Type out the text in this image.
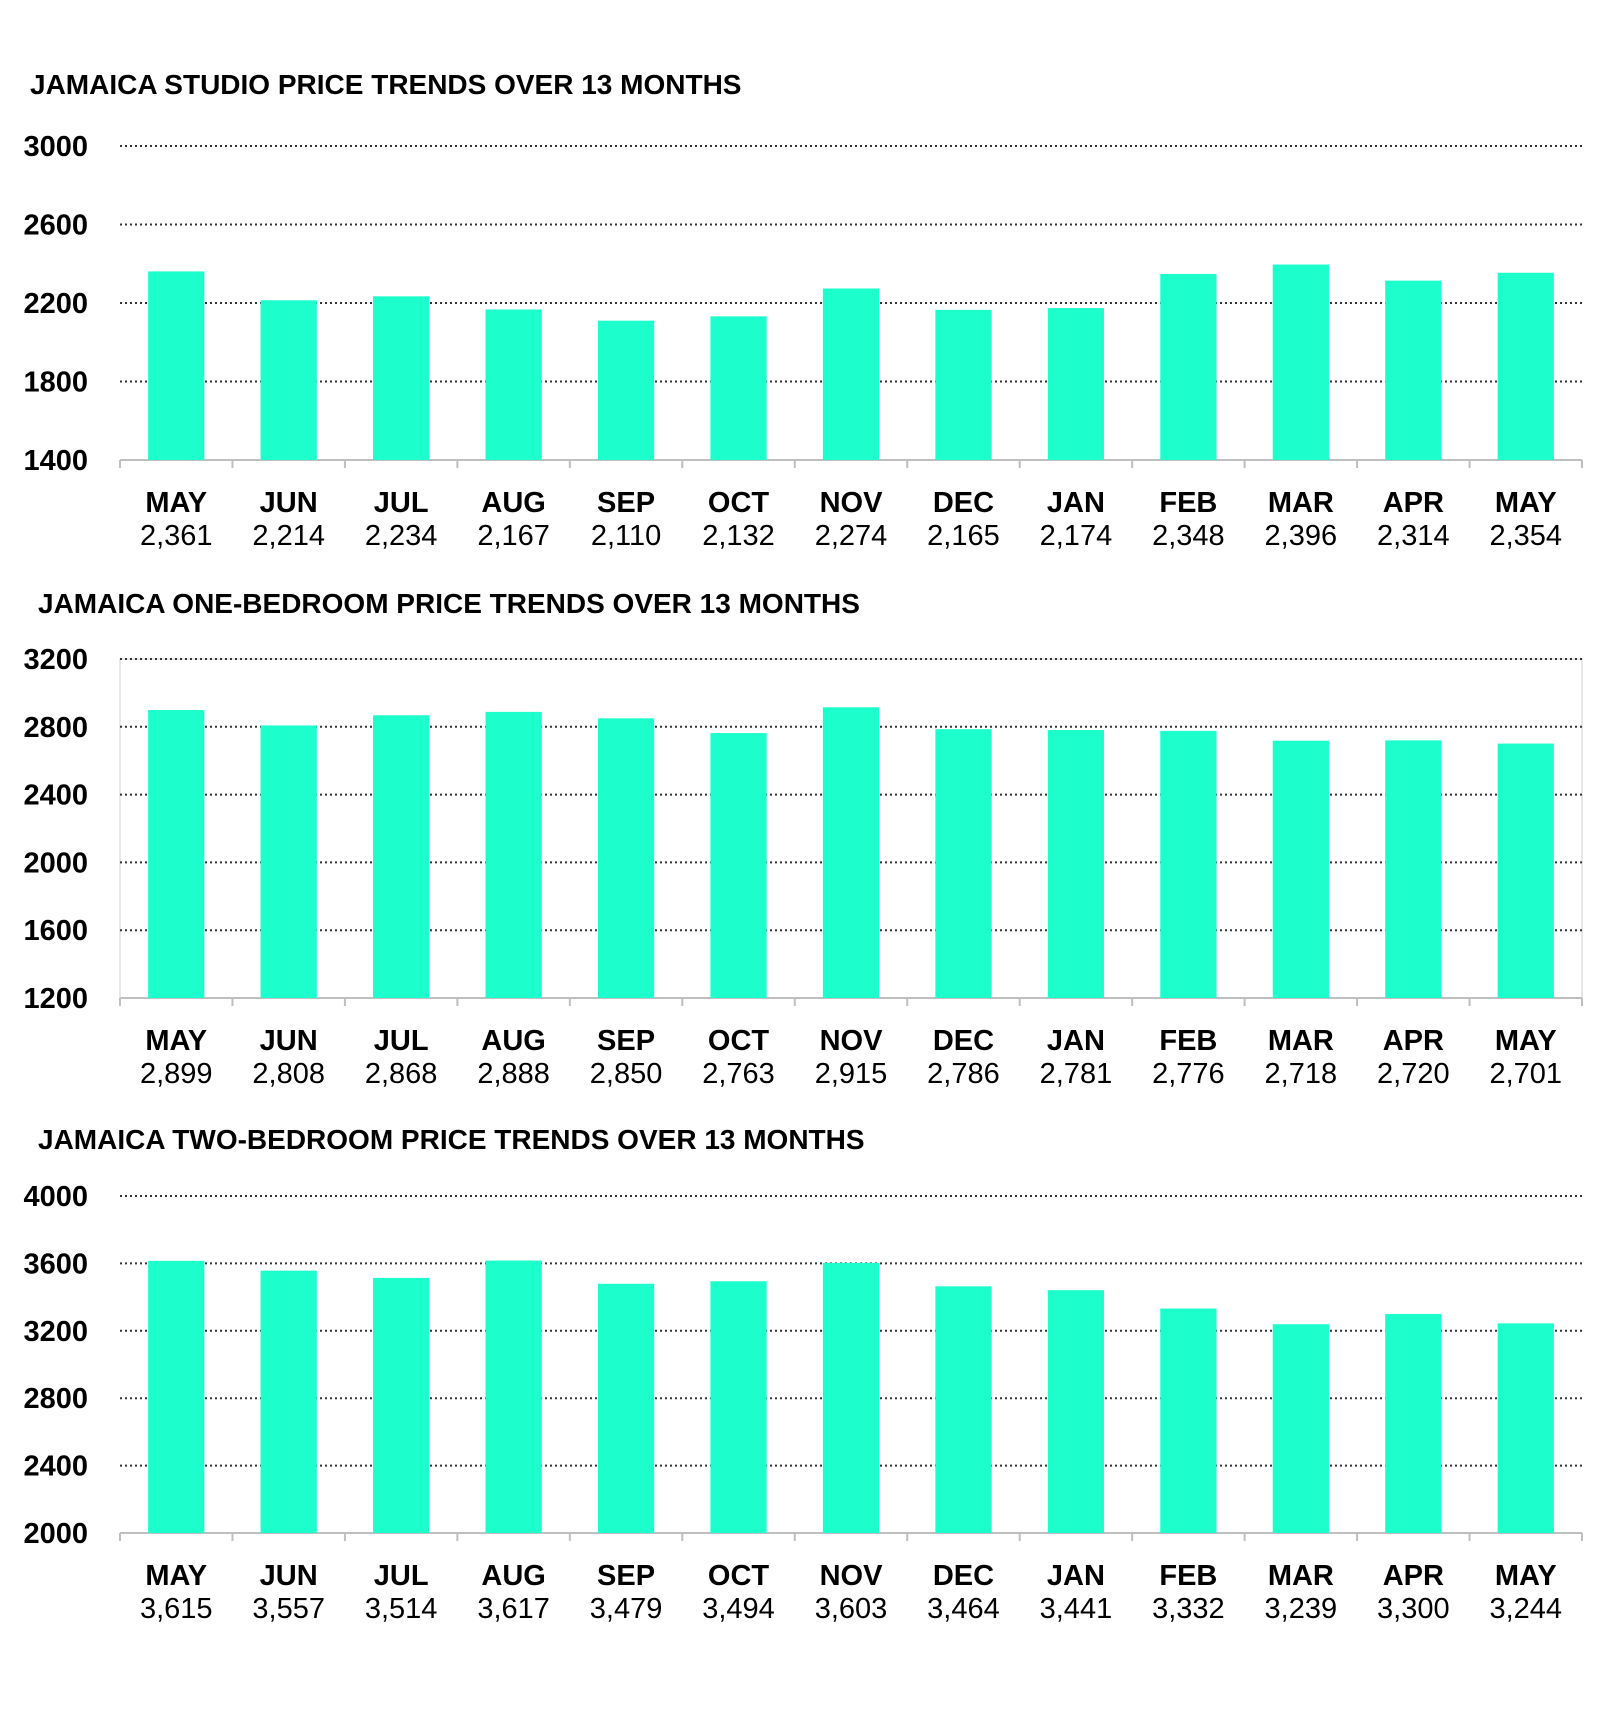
JAMAICA STUDIO PRICE TRENDS OVER 13 MONTHS
3000
2600
2200
1800
1400
MAY
2,361
JUN
2,214
JUL
2,234
AUG
2,167
SEP
2,110
OCT
2,132
NOV
2,274
DEC
2,165
JAN
2,174
FEB
2,348
MAR
2,396
APR
2,314
MAY
2,354
JAMAICA ONE-BEDROOM PRICE TRENDS OVER 13 MONTHS
3200
2800
2400
2000
1600
1200
MAY
2,899
JUN
2,808
JUL
2,868
AUG
2,888
SEP
2,850
OCT
2,763
NOV
2,915
DEC
2,786
JAN
2,781
FEB
2,776
MAR
2,718
APR
2,720
MAY
2,701
JAMAICA TWO-BEDROOM PRICE TRENDS OVER 13 MONTHS
4000
3600
3200
2800
2400
2000
MAY
3,615
JUN
3,557
JUL
3,514
AUG
3,617
SEP
3,479
OCT
3,494
NOV
3,603
DEC
3,464
JAN
3,441
FEB
3,332
MAR
3,239
APR
3,300
MAY
3,244
